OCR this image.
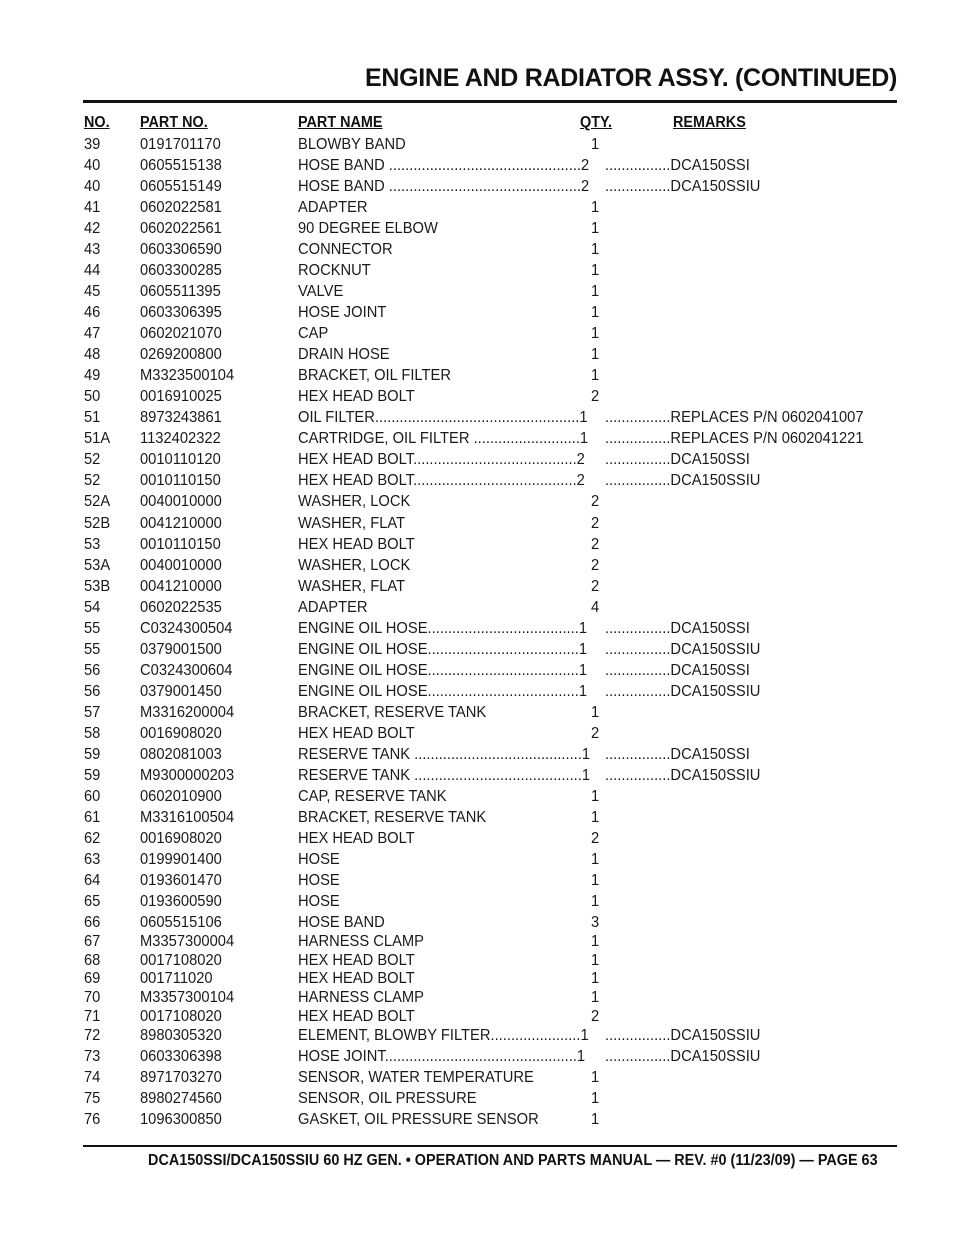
ENGINE AND RADIATOR ASSY. (CONTINUED)
NO. PART NO.	PART NAME	QTY.	REMARKS
39	0191701170	BLOWBY BAND	1
40	0605515138	HOSE BAND ...............................................2 ................DCA150SSI
40	0605515149	HOSE BAND ...............................................2 ................DCA150SSIU
41	0602022581	ADAPTER	1
42	0602022561	90 DEGREE ELBOW	1
43	0603306590	CONNECTOR	1
44	0603300285	ROCKNUT	1
45	0605511395	VALVE	1
46	0603306395	HOSE JOINT	1
47	0602021070	CAP	1
48	0269200800	DRAIN HOSE	1
49	M3323500104	BRACKET, OIL FILTER	1
50	0016910025	HEX HEAD BOLT	2
51	8973243861	OIL FILTER..................................................1	................REPLACES P/N 0602041007
51A	1132402322	CARTRIDGE, OIL FILTER ..........................1 ................REPLACES P/N 0602041221
52	0010110120	HEX HEAD BOLT........................................2	................DCA150SSI
52	0010110150	HEX HEAD BOLT........................................2	................DCA150SSIU
52A	0040010000	WASHER, LOCK	2
52B	0041210000	WASHER, FLAT	2
53	0010110150	HEX HEAD BOLT	2
53A	0040010000	WASHER, LOCK	2
53B	0041210000	WASHER, FLAT	2
54	0602022535	ADAPTER	4
55	C0324300504	ENGINE OIL HOSE.....................................1	................DCA150SSI
55	0379001500	ENGINE OIL HOSE.....................................1	................DCA150SSIU
56	C0324300604	ENGINE OIL HOSE.....................................1	................DCA150SSI
56	0379001450	ENGINE OIL HOSE.....................................1	................DCA150SSIU
57	M3316200004	BRACKET, RESERVE TANK	1
58	0016908020	HEX HEAD BOLT	2
59	0802081003	RESERVE TANK .........................................1 ................DCA150SSI
59	M9300000203	RESERVE TANK .........................................1 ................DCA150SSIU
60	0602010900	CAP, RESERVE TANK	1
61	M3316100504	BRACKET, RESERVE TANK	1
62	0016908020	HEX HEAD BOLT	2
63	0199901400	HOSE	1
64	0193601470	HOSE	1
65	0193600590	HOSE	1
66	0605515106	HOSE BAND	3
67	M3357300004	HARNESS CLAMP	1
68	0017108020	HEX HEAD BOLT	1
69	001711020	HEX HEAD BOLT	1
70	M3357300104	HARNESS CLAMP	1
71	0017108020	HEX HEAD BOLT	2
72	8980305320	ELEMENT, BLOWBY FILTER......................1 ................DCA150SSIU
73	0603306398	HOSE JOINT...............................................1	................DCA150SSIU
74	8971703270	SENSOR, WATER TEMPERATURE	1
75	8980274560	SENSOR, OIL PRESSURE	1
76	1096300850	GASKET, OIL PRESSURE SENSOR	1
DCA150SSI/DCA150SSIU 60 HZ GEN. • OPERATION AND PARTS MANUAL — REV. #0 (11/23/09) — PAGE 63
